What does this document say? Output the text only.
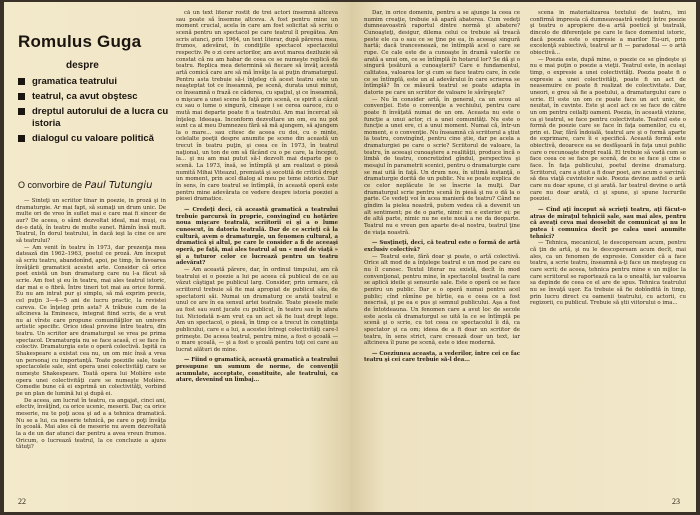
Romulus Guga
despre
gramatica teatrului
teatrul, ca avut obştesc
dreptul autorului de a lucra cu istoria
dialogul cu valoare politică
O convorbire de Paul Tutungiu

— Sînteţi un scriitor tînar in poezie, in proză şi in dramaturgie. Ar mai fapt, să sumaţi un drum unic. De multe ori de vreo în suflet mai e care mai fi sincer de aur? De aceea, o sămt dezvoltat ideal, mai muşi, ca de-o dată, în teatru de multe sunet. Rămîn însă mult. Teatrul, În dorul teatrului, în dacă ieşi la cine ce are să teatrului?

— Am venit în teatru în 1973, dar prezenţa mea datează din 1962–1963, poetul ce proză. Am început să scriu teatru, abandonînd, apoi, pe timp, în favoarea învăţării gramaticii acestei arte. Consider că orice poet există un bun dramaturg care nu l-a făcut să scrie. Am fost şi eu în teatru, mai ales teatrul istoric, dar mai e o fibră. Între tineri tot mai au orice formă. Eu nu am intrat pur şi simplu, să mă exprim precis, cel puţin 3—4—5 ani de lucru practic, la revistei careva. Ce înţeleg prin asta? A trăbuie cum de la altcineva la Eminescu, integrat fiind scris, de a vrut nu ai vîrste care propune comunităţilor un univers artistic specific. Orice ideal provine între teatru, din teatru. Un scriitor are dramaturgul se vrea pe prima spectacol. Dramaturgia nu se face acasă, ci se face în colectiv. Dramaturgia este o operă colectivă. Ispită ca Shakespeare a existat cea nu, un om mic însă a vrea un personaj cu importanţă. Toate poeziile sale, toate spectacolele sale, sînt opera unei colectivităţi care se numeşte Shakespeare. Toată opera lui Molière este opera unei colectivităţi care se numeşte Molière. Comedie bune că ei exprimă un colectivităţi, vorbind pe un plan de lumină lui şi după ei.

De aceea, am lucrat în teatru, ca angajat, cinci ani, efectiv, învăţînd, ca orice ucenic, meserii. Dar, ca orice meserie, nu te poţi acea şi ad a a tehnica dramatică. Nu se a lui, ca meserie tehnică, pe care o poţi învăţa în şcoală. Mai ales că de meserie nu avem dezvoltată la a de un dar atunci dar pentru a avea vreun frumos. Oricum, o lucrează teatrul, la ce concluzie a ajuns tătuţi?

că un text literar rostit de trei actori însemnă altceva sau poate să însemne altceva. A fost pentru mine un moment crucial, acela în care am fost solicitat să scriu o scenă pentru un spectacol pe care teatrul îl pregătea. Am scris atunci, prin 1964, un text literar, după părerea mea, frumos, adevărat, în condiţiile spectacol spectacolul respectiv. Pe o zi cere actorilor, am avut marea deziluzie să constat că nu am habar de ceea ce se numeşte replică de teatru. Replica mea determină să fiecare să învăţ acestă artă comică care are să mă învăţe la ai puţin dramaturgul. Pentru asta trebuie să-i înţeleg că acest teatru este un neaşteptat tot ce înseamnă, pe scenă, durata unui minut, ce înseamnă o frază ce căderea, cu spaţiul, şi ce înseamnă, o mişcare a unei scene în faţă prin scenă, ce spirit a căzut cu sau o lume o singură, cineaşe i se cerea oarece, cu o mută mai departe poate fi a teatrului. Am mai încercat să înţeleg. Ideeaşa. Inconform dezvoltare un om, eu nu pot sunt ca al meu Dumnezeu fără să mă ajungem, să ajungem la o mare... sau citesc de aceea cu doi, cu o minte, celelalte poeţii despre anumite pe scene din această un trecut în teatru puţin, şi ceea ce în 1973, în teatrul naţional, un ton de om să făcând cu o pe care, la început, la... şi nu am mai putut să-l dezvolt mai departe pe o scenă. La 1973, însă, se întîmplă şi am realizat o piesă numită Mihai Viteazul, premiată şi socotită de critică drept un moment, prin acel dialog al meu pe teme istorice. Dar în sens, în care teatrul se întîmplă, în această operă este pentru mine adevărata ce vedere despre istoria poeziei a piesei dramatice.

— Credeţi deci, că această gramatică a teatrului trebuie parcursă în proprie, convingînd cu hotărîre noua mişcare teatrală, scriitorii ei şi a o lume cunoscut, în datoria teatrală. Dar de ce scrieţi că la cultură, avem o dramaturgie, un fenomen cultural, a dramatică şi altul, pe care le consider a fi de aceeaşi operă, pe faţă, mai ales teatrul al un « mod de viaţă » şi a tuturor celor ce lucrează pentru un teatru adevărat?

— Am această părere, dar, în ordinul timpului, am că teatrului ei o poezie a lui pe aceea că publicul de ce au văzut câştigat pe publicul larg. Consider, prin urmare, că scriitorul trebuie să fie mai apropiat de publicul său, de spectatorii săi. Numai un dramaturg ce arată teatrul e unul ce are în ea sensul artei teatrale. Toate piesele mele au fost sau sunt jucate cu publicul, în teatru sau în afara lui. Niciodată n-am vrut ca un act să fie luat drept lege. Am un spectacol, o piesă, în timp ce a trecut în conştiinţa publicului, care e a lui, a acestei întregi colectivităţi care-l primeşte. De aceea teatrul, pentru mine, a fost o şcoală — o mare şcoală, — şi a fost o şcoală pentru toţi cei care au lucrat alături de mine.

— Fiind o gramatică, această gramatică a teatrului presupune un sumum de norme, de convenţii acumulate, acceptate, constituite, ale teatrului, ca atare, devenind un limbaj...

22

Dar, în orice domeniu, pentru a se ajunge la ceea ce numim creaţie, trebuie să apară abaterea. Cum vedeţi dumneavoastră raportul dintre normă şi abatere? Cunoaşteţi, desigur, dilema celui ce trebuie să treacă peste ele ca o sau ce se ţine pe ea, în aceeaşi singură hartă; dacă trancesnează, ne întîmplă acel o care se rupe. Ce cale este de a cunoaşte în dramă valorile ce arată a unui om, ce se întîmplă în hotarul lor? Se dă şi o singură ţesătură a cunoaşterii? Care e fundamentul, calitatea, valoarea lor şi cum se face teatru care, în cele ce se întîmplă, este un al adevărului în care scrierea se întîmplă? În ce măsură teatrul se poate adapta în datorie pe care un scriitor de valoare le săvîrşeşte?

— Nu în consider artă, în general, ca un ecou al convenţiei. Este o convenţie a vechiului, pentru care poate fi învăţată numai de un om. Aceasta nu este o funcţie a unui actor, ci a unei comunităţi. Nu este o funcţie a unei ere, ci a unui moment. Numai că, într-un moment, e o convenţie. Nu înseamnă că scriitorul a ştiut la teatru, convingînd, pentru cine ştie, dar pe acela a dramaturgiei pe care o scrie? Scriitorul de valoare, la teatru, în aceeaşi cunoaştere a realităţii, produce încă o limbă de teatru, concretizînd gîndul, perspectiva şi mesajul în parametrii scenici, pentru o dramaturgie care se mai uită în faţă. Un drum nou, în ultimă instanţă, o dramaturgie dorită de un public. Nu se poate explica de ce celor neplăcute le se înscrie la mulţi. Dar dramaturgul scrie pentru scenă în piesă şi nu o dă la o parte. Ce vedeţi voi în acea manieră de teatru? Când ne gîndim la pielea noastră, putem vedea că a devenit un alt sentiment; pe de o parte, nimic nu e exterior ei; pe de altă parte, nimic nu ne este nouă a ne da deoparte. Teatrul nu e vreun gen aparte de-al nostru, teatrul ţine de viaţa noastră.

— Susţineţi, deci, că teatrul este o formă de artă exclusiv colectivă?

— Teatrul este, fără doar şi poate, o artă colectivă. Orice alt mod de a înţelege teatrul e un mod pe care eu nu îl cunosc. Textul literar nu există, decît în mod convenţional, pentru mine, în spectacolul teatral la care se aplică ideile şi sensurile sale. Este o operă ce se face pentru un public. Dar e o operă numai pentru acel public; cînd rămîne pe hîrtie, ea e ceea ce a fost nescrisă, şi pe ea e pus şi semnul publicului. Aşa a fost de întotdeauna. Un fenomen care a avut loc de secole este acela că dramaturgul se uită la ce se întîmplă pe scenă şi o scrie, cu tot ceea ce spectacolul îi dă, ca spectator şi ca om; ideea de a fi doar un scriitor de teatru, în sens strict, care creează doar un text, iar altcineva îl pune pe scenă, este o idee modernă.

— Coeziunea aceasta, a vederilor, între cei ce fac teatru şi cei care trebuie să-l dea...

scena în materializarea textului de teatru, îmi confirmă impresia că dumneavoastră vedeţi între poezie şi teatru o apropiere de-a artă poetică şi teatrală, dincolo de diferenţele pe care le face domeniul istoric, dacă poezia este o expresie a marilor Eu-uri, prin excelenţă subiectivă, teatrul ar fi — paradoxal — o artă obiectivă...

— Poezia este, după mine, o poezie ce se gîndeşte şi nu e mai puţin o poezie a vieţii. Teatrul este, în acelaşi timp, o expresie a unei colectivităţi. Poezia poate fi o expresie a unei colectivităţi, poate fi un act de neasemuire ce poate fi realizat de colectivitate. Dar, uneori, e greu să fie a poetului, a dramaturgului care o scrie. El este un om ce poate face un act unic, de neuitat, în cuvinte. Este şi acel act ce se face de către un om pentru ceilalţi oameni. Poezia, în această viziune, ca şi teatrul, se face pentru colectivitate. Teatrul este o formă de poezie care se face în faţa oamenilor, cu ei, prin ei. Dar, fără îndoială, teatrul are şi o formă aparte de exprimare, care îi e specifică. Această formă este obiectivă, deoarece ea se desfăşoară în faţa unui public care o recunoaşte drept reală. El trebuie să vadă cum se face ceea ce se face pe scenă, de ce se face şi cine o face. În faţa publicului, poetul devine dramaturg. Scriitorul, care a ştiut a fi doar poet, are acum o sarcină: să dea viaţă cuvintelor sale. Poezia devine astfel o artă care nu doar spune, ci şi arată. Iar teatrul devine o artă care nu doar arată, ci şi spune, şi spune lucrurile poeziei.

— Cînd aţi început să scrieţi teatru, aţi făcut-o atras de miraţul tehnicii sale, sau mai ales, pentru că aveaţi ceva mai deosebit de comunicat şi nu le putea i comunica decît pe calea unei anumite tehnici?

— Tehnica, mecanicul, le descopeream acum, pentru că ţin de artă, şi nu le descopeream acum decît, mai ales, ca un fenomen de expresie. Consider că a face teatru, a scrie teatru, înseamnă a-ţi face un meşteşug cu care scrii; de aceea, tehnica pentru mine e un mijloc la care scriitorul se raportează ca la o unealtă, iar valoarea sa depinde de ceea ce el are de spus. Tehnica teatrului nu se învaţă uşor. Ea trebuie să fie dobîndită în timp, prin lucru direct cu oamenii teatrului, cu actorii, cu regizorii, cu publicul. Trebuie să ştii viitorului o ima...

23
